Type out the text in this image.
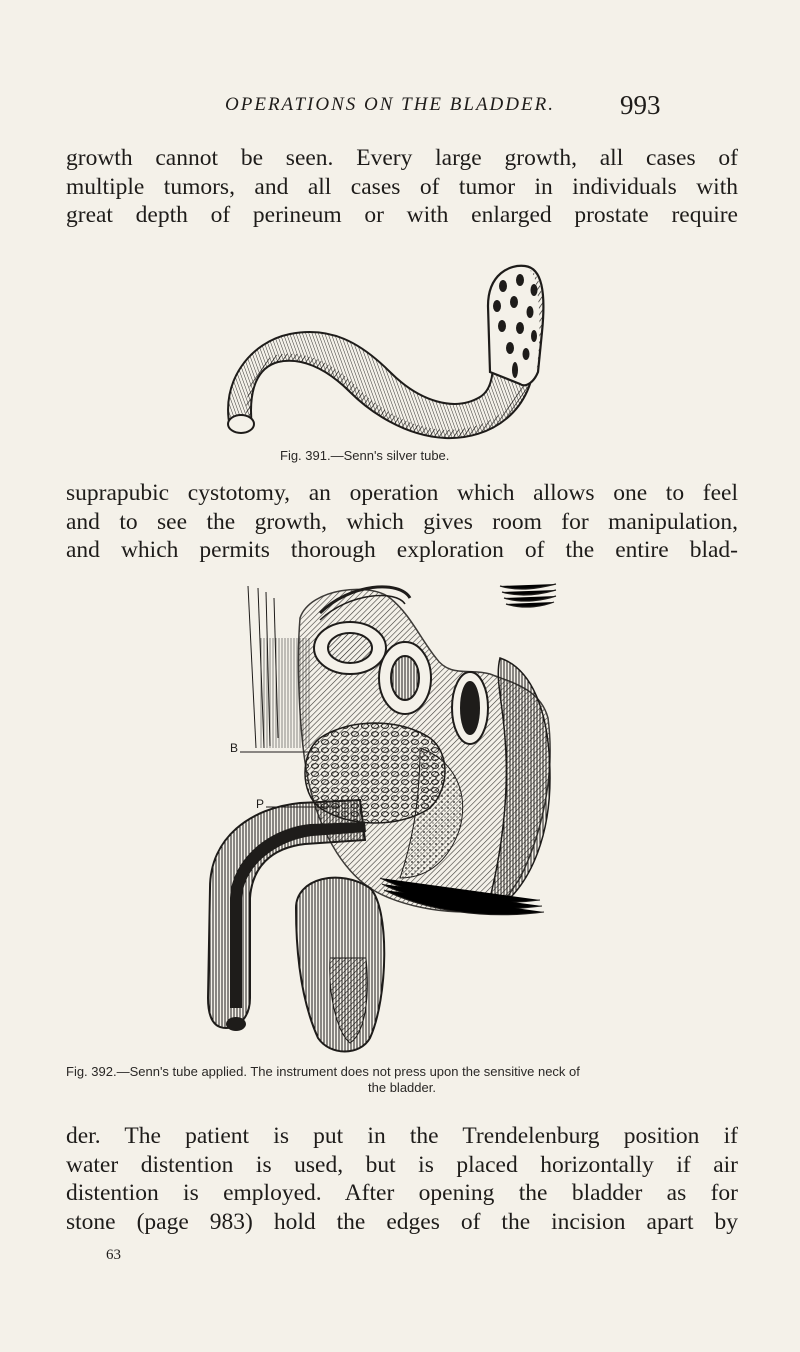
OPERATIONS ON THE BLADDER.	993
growth cannot be seen. Every large growth, all cases of
multiple tumors, and all cases of tumor in individuals with
great depth of perineum or with enlarged prostate require
Fig. 391.—Senn's silver tube.
suprapubic cystotomy, an operation which allows one to feel
and to see the growth, which gives room for manipulation,
and which permits thorough exploration of the entire blad-
B
P
Fig. 392.—Senn's tube applied. The instrument does not press upon the sensitive neck of
the bladder.
der. The patient is put in the Trendelenburg position if
water distention is used, but is placed horizontally if air
distention is employed. After opening the bladder as for
stone (page 983) hold the edges of the incision apart by
63
